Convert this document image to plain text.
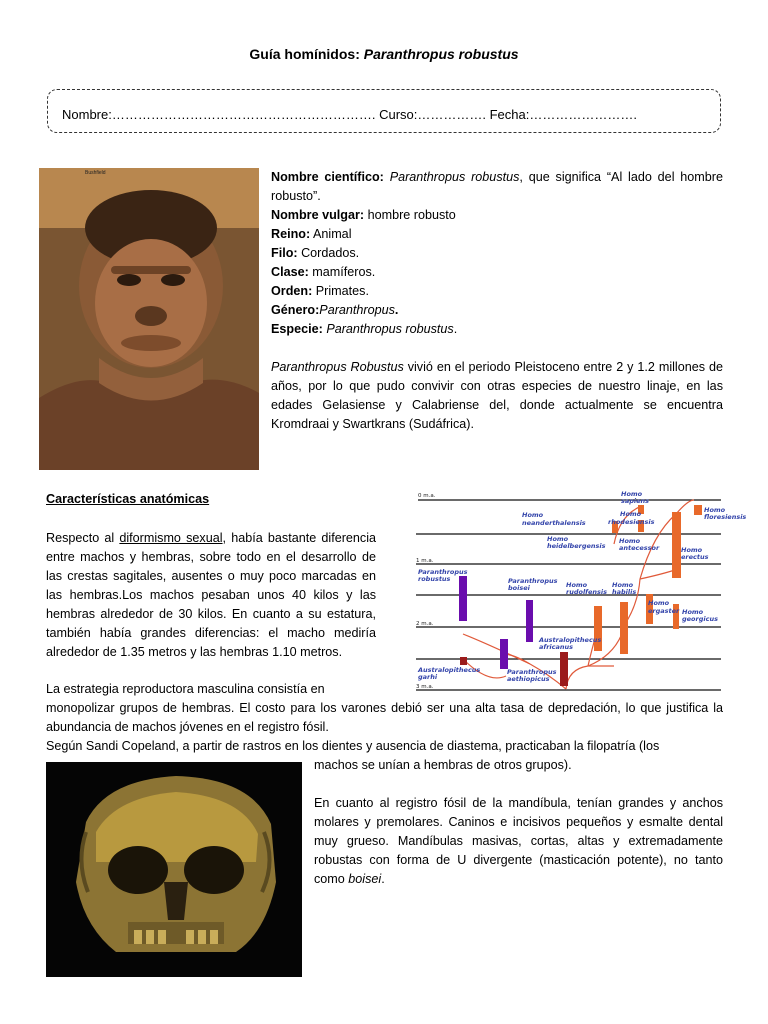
Guía homínidos: Paranthropus robustus
Nombre:……………………………………………………. Curso:……………. Fecha:…………………….
Bushfield	Nombre científico: Paranthropus robustus, que significa “Al lado del hombre robusto”.

Nombre vulgar: hombre robusto

Reino: Animal

Filo: Cordados.

Clase: mamíferos.

Orden: Primates.

Género:Paranthropus.

Especie: Paranthropus robustus.

Paranthropus Robustus vivió en el periodo Pleistoceno entre 2 y 1.2 millones de años, por lo que pudo convivir con otras especies de nuestro linaje, en las edades Gelasiense y Calabriense del, donde actualmente se encuentra Kromdraai y Swartkrans (Sudáfrica).
Características anatómicas
Respecto al diformismo sexual, había bastante diferencia entre machos y hembras, sobre todo en el desarrollo de las crestas sagitales, ausentes o muy poco marcadas en las hembras.Los machos pesaban unos 40 kilos y las hembras alrededor de 30 kilos. En cuanto a su estatura, también había grandes diferencias: el macho mediría alrededor de 1.35 metros y las hembras 1.10 metros.

La estrategia reproductora masculina consistía en

monopolizar grupos de hembras. El costo para los varones debió ser una alta tasa de depredación, lo que justifica la abundancia de machos jóvenes en el registro fósil.

Según Sandi Copeland, a partir de rastros en los dientes y ausencia de diastema, practicaban la filopatría (los

machos se unían a hembras de otros grupos).
En cuanto al registro fósil de la mandíbula, tenían grandes y anchos molares y premolares. Caninos e incisivos pequeños y esmalte dental muy grueso. Mandíbulas masivas, cortas, altas y extremadamente robustas con forma de U divergente (masticación potente), no tanto como boisei.
0 m.a.
1 m.a.
2 m.a.
3 m.a.
Homo neanderthalensis
Homo sapiens
rhodesiensis
Homo
Homo antecessor
Homo heidelbergensis
Homo floresiensis
Homo erectus
Paranthropus robustus	Paranthropus boisei	Homo rudolfensis
Homo habilis
Homo ergaster Homo georgicus
Australopithecus africanus
Australopithecus garhi
Paranthropus aethiopicus
